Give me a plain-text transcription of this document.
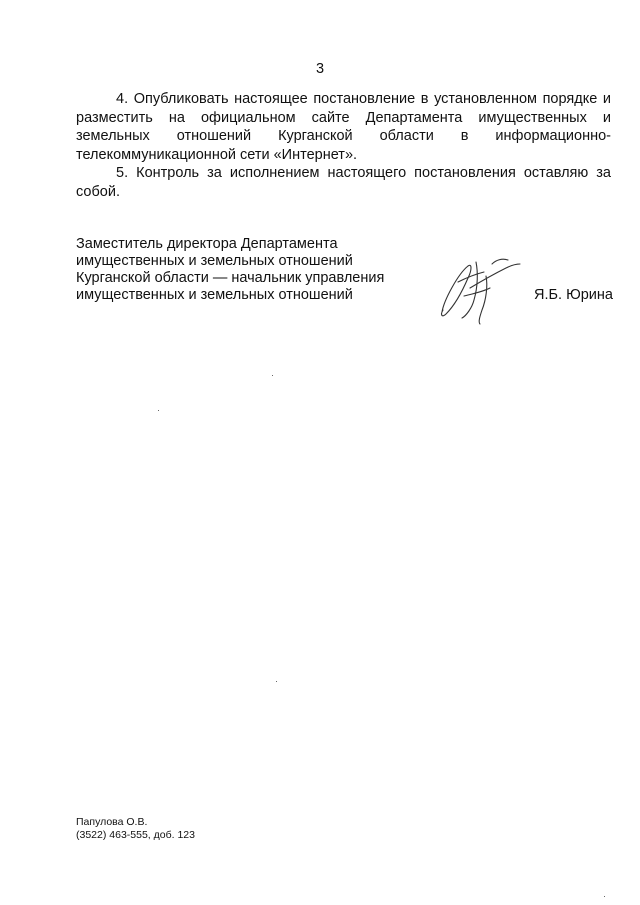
3

4. Опубликовать настоящее постановление в установленном порядке и разместить на официальном сайте Департамента имущественных и земельных отношений Курганской области в информационно-телекоммуникационной сети «Интернет».

5. Контроль за исполнением настоящего постановления оставляю за собой.

Заместитель директора Департамента
имущественных и земельных отношений
Курганской области — начальник управления
имущественных и земельных отношений	Я.Б. Юрина
Папулова О.В.
(3522) 463-555, доб. 123
